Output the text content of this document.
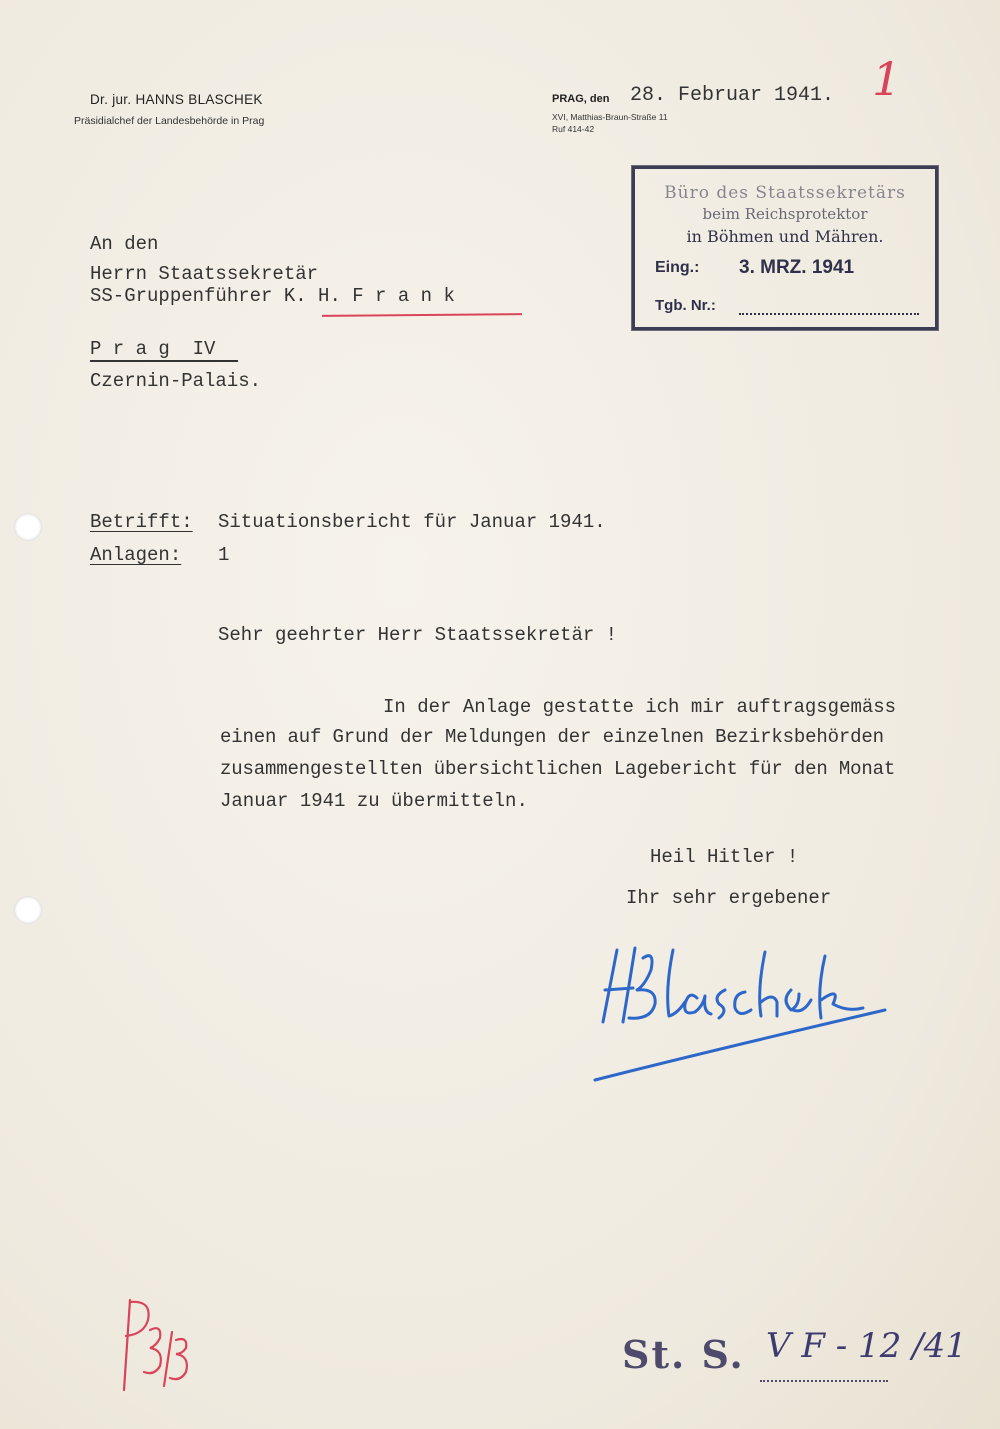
Dr. jur. HANNS BLASCHEK
Präsidialchef der Landesbehörde in Prag
PRAG, den 28. Februar 1941.
XVI, Matthias-Braun-Straße 11
Ruf 414-42
1
Büro des Staatssekretärs
beim Reichsprotektor
in Böhmen und Mähren.
Eing.: 3. MRZ. 1941
Tgb. Nr.:
An den
Herrn Staatssekretär
SS-Gruppenführer K. H. F r a n k
P r a g  IV
Czernin-Palais.
Betrifft: Situationsbericht für Januar 1941.
Anlagen: 1
Sehr geehrter Herr Staatssekretär !
In der Anlage gestatte ich mir auftragsgemäss
einen auf Grund der Meldungen der einzelnen Bezirksbehörden
zusammengestellten übersichtlichen Lagebericht für den Monat
Januar 1941 zu übermitteln.
Heil Hitler !
Ihr sehr ergebener
St. S. V F - 12 /41
